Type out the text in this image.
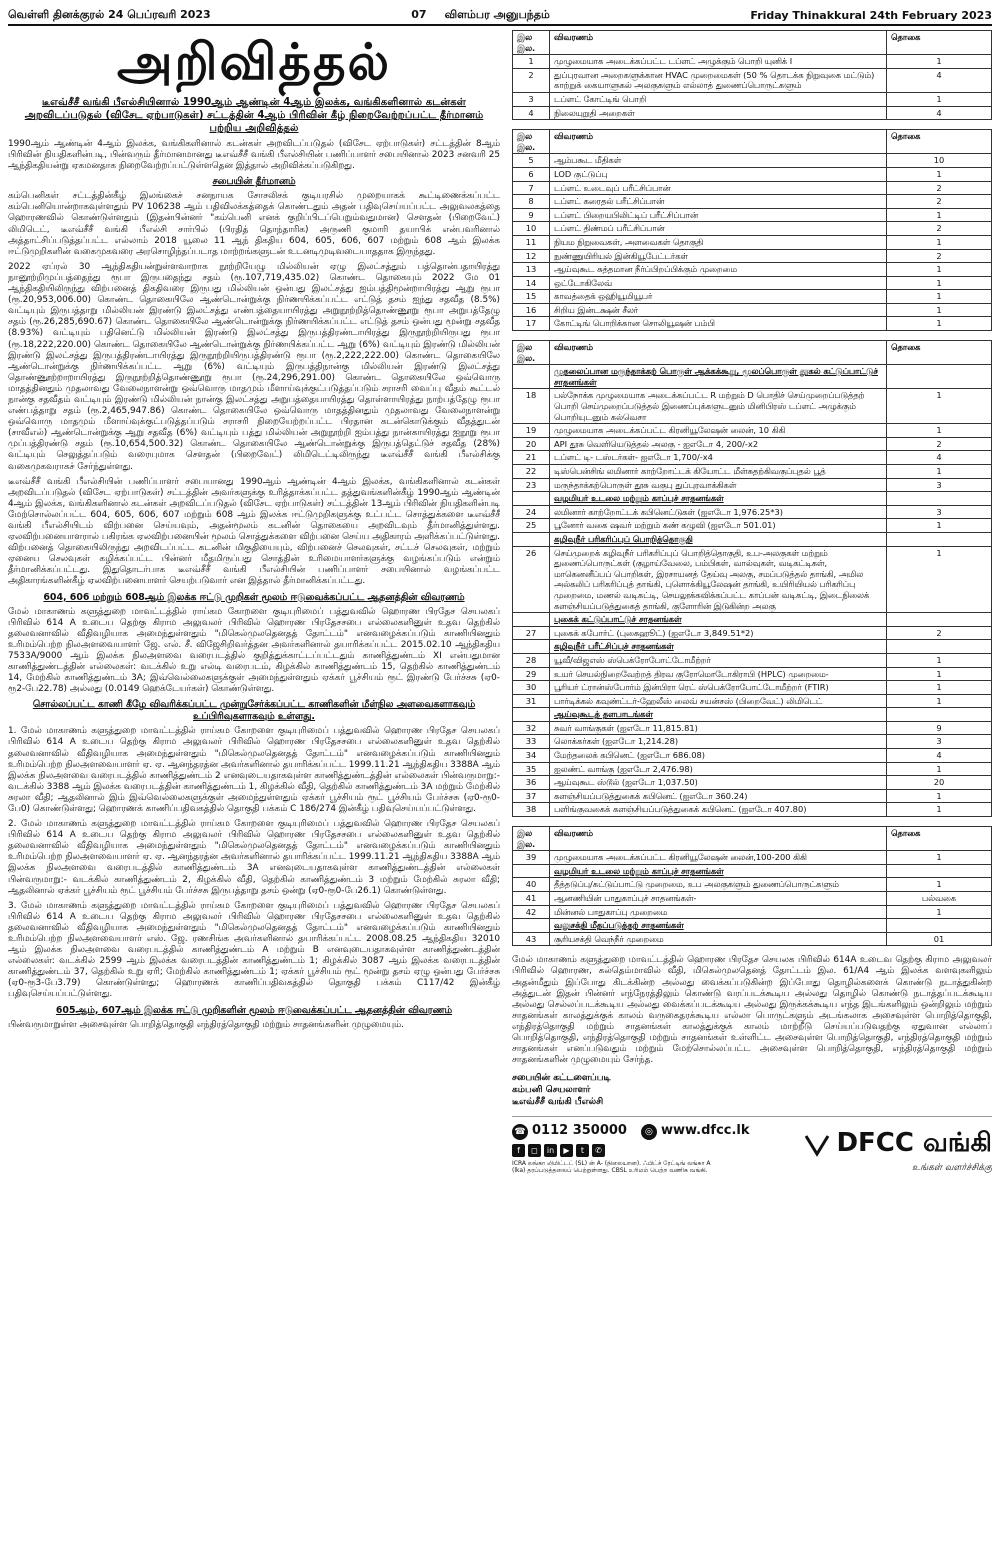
வெள்ளி தினக்குரல் 24 பெப்ரவரி 2023	07 விளம்பர அனுபந்தம்	Friday Thinakkural 24th February 2023
அறிவித்தல்
டீஎவ்சீசீ வங்கி பீஎல்சியினால் 1990ஆம் ஆண்டின் 4ஆம் இலக்க, வங்கிகளினால் கடன்கள் அறவிடப்படுதல் (விசேட ஏற்பாடுகள்) சட்டத்தின் 4ஆம் பிரிவின் கீழ் நிறைவேற்றப்பட்ட தீர்மானம் பற்றிய அறிவித்தல்

1990ஆம் ஆண்டின் 4ஆம் இலக்க, வங்கிகளினால் கடன்கள் அறவிடப்படுதல் (விசேட ஏற்பாடுகள்) சட்டத்தின் 8ஆம் பிரிவின் நியதிகளின்படி, பின்வரும் தீர்மானமானது டீஎவ்சீசீ வங்கி பீஎல்சியின் பணிப்பாளர் சபையினால் 2023 சனவரி 25 ஆந்திகதியன்று ஏகமனதாக நிறைவேற்றப்பட்டுள்ளதென இத்தால் அறிவிக்கப்படுகிறது.

சபையின் தீர்மானம்

கம்பெனிகள் சட்டத்தின்கீழ் இலங்கைச் சனநாயக சோசலிசக் குடியரசில் முறையாகக் கூட்டிணைக்கப்பட்ட கம்பெனியொன்றாகவுள்ளதும் PV 106238 ஆம் பதிவிலக்கத்தைக் கொண்டதும் அதன் பதிவுசெய்யப்பட்ட அலுவலகத்தை ஹொரணவில் கொண்டுள்ளதும் (இதன்பின்னர் "கம்பெனி எனக் குறிப்பிடப்பெறும்வதுமான) சௌதன் (பிறைவேட்) லிமிடெட், டீஎவ்சீசீ வங்கி பீஎல்சி சார்பில் (பிரதித் தொந்தாரிக) அருணி குமாரி தயாபிக் என்பவரினால் அத்தாட்சிப்படுத்தப்பட்ட எல்லாம் 2018 யூலை 11 ஆந் திகதிய 604, 605, 606, 607 மற்றும் 608 ஆம் இலக்க ஈட்டுமுறிகளின் வகைமுகவரை அரசொழிந்தப்படாத மாற்றங்களுடன் உடனடிமுடிவடையாததாக இருந்தது.

2022 ஏப்ரல் 30 ஆந்திகதியன்றுள்ளவாறாக நூற்றியேழு மில்லியன் ஏழு இலட்சத்தும் பத்தொன்பதாயிரத்து நானூற்றிமுப்பத்தைந்து ரூபா இருபதைந்து சதம் (ரூ.107,719,435.02) கொண்ட தொகையும் 2022 மே 01 ஆந்திகதியிலிருந்து விற்பனைத் திகதிவரை இருபது மில்லியன் ஒன்பது இலட்சத்து ஐம்பத்திமூன்றாயிரத்து ஆறு ரூபா (ரூ.20,953,006.00) கொண்ட தொகையிலே ஆண்டொன்றுக்கு நிர்ணயிக்கப்பட்ட எட்டுத் தசம் ஐந்து சதவீத (8.5%) வட்டியும் இருபத்தாறு மில்லியன் இரண்டு இலட்சத்து எண்பத்தையாயிரத்து அறுநூற்றித்தொண்ணூறு ரூபா அறுபத்தேழு சதம் (ரூ.26,285,690.67) கொண்ட தொகையிலே ஆண்டொன்றுக்கு நிர்ணயிக்கப்பட்ட எட்டுத் தசம் ஒன்பது மூன்று சதவீத (8.93%) வட்டியும் பதினெட்டு மில்லியன் இரண்டு இலட்சத்து இருபத்திரண்டாயிரத்து இருநூற்றியிருபது ரூபா (ரூ.18,222,220.00) கொண்ட தொகையிலே ஆண்டொன்றுக்கு நிர்ணயிக்கப்பட்ட ஆறு (6%) வட்டியும் இரண்டு மில்லியன் இரண்டு இலட்சத்து இருபத்திரண்டாயிரத்து இருநூற்றியிருபத்திரண்டு ரூபா (ரூ.2,222,222.00) கொண்ட தொகையிலே ஆண்டொன்றுக்கு நிர்ணயிக்கப்பட்ட ஆறு (6%) வட்டியும் இருபத்திநான்கு மில்லியன் இரண்டு இலட்சத்து தொண்ணூற்றாறாயிரத்து இருநூற்றித்தொண்ணூறு ரூபா (ரூ.24,296,291.00) கொண்ட தொகையிலே ஒவ்வொரு மாதத்தினதும் முதலாவது வேலைநாளன்று ஒவ்வொரு மாதமும் மீளாய்வுக்குட்படுத்தப்படும் சராசரி வைப்பு வீதம் கூட்டல் நான்கு சதவீதம் வட்டியும் இரண்டு மில்லியன் நான்கு இலட்சத்து அறுபத்தையாயிரத்து தொள்ளாயிரத்து நாற்பத்தேழு ரூபா எண்பத்தாறு சதம் (ரூ.2,465,947.86) கொண்ட தொகையிலே ஒவ்வொரு மாதத்தினதும் முதலாவது வேலைநாளன்று ஒவ்வொரு மாதமும் மீளாய்வுக்குட்படுத்தப்படும் சராசரி நிறையேற்றப்பட்ட பிரதான கடன்கொடுக்கும் வீதத்துடன் (சாவீஎல்) ஆண்டொன்றுக்கு ஆறு சதவீத (6%) வட்டியும் பத்து மில்லியன் அறுநூற்றி ஐம்பத்து நான்காயிரத்து ஐநூறு ரூபா முப்பத்திரண்டு சதம் (ரூ.10,654,500.32) கொண்ட தொகையிலே ஆண்டொன்றுக்கு இருபத்தெட்டுச் சதவீத (28%) வட்டியும் செலுத்தப்படும் வரையுமாக சௌதன் (பிறைவேட்) லிமிடெட்டிலிருந்து டீஎவ்சீசீ வங்கி பீஎல்சிக்கு வகைமுகவராகச் சேர்ந்துள்ளது.

டீஎவ்சீசீ வங்கி பீஎல்சியின் பணிப்பாளர் சபையானது 1990ஆம் ஆண்டின் 4ஆம் இலக்க, வங்கிகளினால் கடன்கள் அறவிடப்படுதல் (விசேட ஏற்பாடுகள்) சட்டத்தின் அவர்களுக்கு உரித்தாக்கப்பட்ட தத்துவங்களின்கீழ் 1990ஆம் ஆண்டின் 4ஆம் இலக்க, வங்கிகளினால் கடன்கள் அறவிடப்படுதல் (விசேட ஏற்பாடுகள்) சட்டத்தின் 13ஆம் பிரிவின் நியதிகளின்படி மேற்சொல்லப்பட்ட 604, 605, 606, 607 மற்றும் 608 ஆம் இலக்க ஈட்டுமுறிகளுக்கு உட்பட்ட சொத்துக்களை டீஎவ்சீசீ வங்கி பீஎல்சியிடம் விற்பனை செய்யவும், அதன்மூலம் கடனின் தொகையை அறவிடவும் தீர்மானித்துள்ளது. ஏலவிற்பனையாளரால் பகிரங்க ஏலவிற்பனையின் மூலம் சொத்துக்களை விற்பனை செய்ய அதிகாரம் அளிக்கப்பட்டுள்ளது. விற்பனைத் தொகையிலிருந்து அறவிடப்பட்ட கடனின் மிகுதியையும், விற்பனைச் செலவுகள், சட்டச் செலவுகள், மற்றும் ஏனைய செலவுகள் கழிக்கப்பட்ட பின்னர் மீதமிருப்பது சொத்தின் உரிமையாளர்களுக்கு வழங்கப்படும் என்றும் தீர்மானிக்கப்பட்டது. இதுதொடர்பாக டீஎவ்சீசீ வங்கி பீஎல்சியின் பணிப்பாளர் சபையினால் வழங்கப்பட்ட அதிகாரங்களின்கீழ் ஏலவிற்பனையாளர் செயற்படுவார் என இத்தால் தீர்மானிக்கப்பட்டது.

604, 606 மற்றும் 608ஆம் இலக்க ஈட்டு முறிகள் மூலம் ஈடுவைக்கப்பட்ட ஆதனத்தின் விவரணம்

மேல் மாகாணம் களுத்துறை மாவட்டத்தில் ராய்கம கோறளை குடியுரிமைப் பத்துவவில் ஹொரண பிரதேச செயலகப் பிரிவில் 614 A உடைய தெற்கு கிராம அலுவலர் பிரிவில் ஹொரண பிரதேசசபை எல்லைகளினுள் உதவ தெற்கில் தலைவனாவில் வீதிவழியாக அமைந்துள்ளதும் "மிகெல்முலதெனதத் தோட்டம்" எனவழைக்கப்படும் காணியினதும் உரிமம்பெற்ற நிலஅளவையாளர் ஜே. எல். சீ. விஜேசிறிவர்த்தன அவர்களினால் தயாரிக்கப்பட்ட 2015.02.10 ஆந்திகதிய 7533A/9000 ஆம் இலக்க நிலஅளவை வரைபடத்தில் குறித்துக்காட்டப்பட்டதும் காணித்துண்டம் XI என்பதுமான காணித்துண்டத்தின் எல்லைகள்: வடக்கில் உறு எல்டி வரைபடம், கிழக்கில் காணித்துண்டம் 15, தெற்கில் காணித்துண்டம் 14, மேற்கில் காணித்துண்டம் 3A; இவ்வெல்லைகளுக்குள் அமைந்துள்ளதும் ஏக்கர் பூச்சியம் ரூட் இரண்டு பேர்ச்சசு (ஏ0-ரூ2-பே22.78) அல்லது (0.0149 ஹெக்டேயர்கள்) கொண்டுள்ளது.

சொல்லப்பட்ட காணி கீழே விவரிக்கப்பட்ட முன்றுசேர்க்கப்பட்ட காணிகளின் மீள்நில அளவைகளாகவும் உப்பிரிவுகளாகவும் உள்ளது.

1. மேல் மாகாணம் களுத்துறை மாவட்டத்தில் ராய்கம கோறளை குடியுரிமைப் பத்துவவில் ஹொரண பிரதேச செயலகப் பிரிவில் 614 A உடைய தெற்கு கிராம அலுவலர் பிரிவில் ஹொரண பிரதேசசபை எல்லைகளினுள் உதவ தெற்கில் தலைவனாவில் வீதிவழியாக அமைந்துள்ளதும் "மிகெல்முலதெனதத் தோட்டம்" எனவழைக்கப்படும் காணியினதும் உரிமம்பெற்ற நிலஅளவையாளர் ஏ. ஏ. ஆனந்தரத்ன அவர்களினால் தயாரிக்கப்பட்ட 1999.11.21 ஆந்திகதிய 3388A ஆம் இலக்க நிலஅளவை வரைபடத்தில் காணித்துண்டம் 2 எனவுடையதாகவுள்ள காணித்துண்டத்தின் எல்லைகள் பின்வருமாறு:- வடக்கில் 3388 ஆம் இலக்க வரைபடத்தின் காணித்துண்டம் 1, கிழக்கில் வீதி, தெற்கில் காணித்துண்டம் 3A மற்றும் மேற்கில் சுரலா வீதி; ஆதலினால் இம் இவ்வெல்லைகளுக்குள் அமைந்துள்ளதும் ஏக்கர் பூச்சியம் ரூட் பூச்சியம் பேர்ச்சசு (ஏ0-ரூ0-பே0) கொண்டுள்ளது; ஹொரணக் காணிப்பதிவகத்தில் தொகுதி பக்கம் C 186/274 இன்கீழ் பதிவுசெய்யப்பட்டுள்ளது.

2. மேல் மாகாணம் களுத்துறை மாவட்டத்தில் ராய்கம கோறளை குடியுரிமைப் பத்துவவில் ஹொரண பிரதேச செயலகப் பிரிவில் 614 A உடைய தெற்கு கிராம அலுவலர் பிரிவில் ஹொரண பிரதேசசபை எல்லைகளினுள் உதவ தெற்கில் தலைவனாவில் வீதிவழியாக அமைந்துள்ளதும் "மிகெல்முலதெனதத் தோட்டம்" எனவழைக்கப்படும் காணியினதும் உரிமம்பெற்ற நிலஅளவையாளர் ஏ. ஏ. ஆனந்தரத்ன அவர்களினால் தயாரிக்கப்பட்ட 1999.11.21 ஆந்திகதிய 3388A ஆம் இலக்க நிலஅளவை வரைபடத்தில் காணித்துண்டம் 3A எனவுடையதாகவுள்ள காணித்துண்டத்தின் எல்லைகள் பின்வருமாறு:- வடக்கில் காணித்துண்டம் 2, கிழக்கில் வீதி, தெற்கில் காணித்துண்டம் 3 மற்றும் மேற்கில் சுரலா வீதி; ஆதலினால் ஏக்கர் பூச்சியம் ரூட் பூச்சியம் பேர்ச்சசு இருபத்தாறு தசம் ஒன்று (ஏ0-ரூ0-பே26.1) கொண்டுள்ளது.

3. மேல் மாகாணம் களுத்துறை மாவட்டத்தில் ராய்கம கோறளை குடியுரிமைப் பத்துவவில் ஹொரண பிரதேச செயலகப் பிரிவில் 614 A உடைய தெற்கு கிராம அலுவலர் பிரிவில் ஹொரண பிரதேசசபை எல்லைகளினுள் உதவ தெற்கில் தலைவனாவில் வீதிவழியாக அமைந்துள்ளதும் "மிகெல்முலதெனதத் தோட்டம்" எனவழைக்கப்படும் காணியினதும் உரிமம்பெற்ற நிலஅளவையாளர் எஸ். ஜே. ரணசிங்க அவர்களினால் தயாரிக்கப்பட்ட 2008.08.25 ஆந்திகதிய 32010 ஆம் இலக்க நிலஅளவை வரைபடத்தில் காணித்துண்டம் A மற்றும் B எனவுடையதாகவுள்ள காணித்துண்டத்தின் எல்லைகள்: வடக்கில் 2599 ஆம் இலக்க வரைபடத்தின் காணித்துண்டம் 1; கிழக்கில் 3087 ஆம் இலக்க வரைபடத்தின் காணித்துண்டம் 37, தெற்கில் உறு ஏரி; மேற்கில் காணித்துண்டம் 1; ஏக்கர் பூச்சியம் ரூட் மூன்று தசம் ஏழு ஒன்பது பேர்ச்சசு (ஏ0-ரூ3-பே3.79) கொண்டுள்ளது; ஹொரணக் காணிப்பதிவகத்தில் தொகுதி பக்கம் C117/42 இன்கீழ் பதிவுசெய்யப்பட்டுள்ளது.

605ஆம், 607ஆம் இலக்க ஈட்டு முறிகளின் மூலம் ஈடுவைக்கப்பட்ட ஆதனத்தின் விவரணம்

பின்வருமாறுள்ள அசைவுள்ள பொறித்தொகுதி எந்திரத்தொகுதி மற்றும் சாதனங்களின் முழுமையும்.

இல இல.	விவரணம்	தொகை
1	முழுமையாக அடைக்கப்பட்ட டப்ளட் அழுக்கும் பொறி யுனிக் I	1
2	துப்புரவான அறைகளுக்கான HVAC முறைமைகள் (50 % தொடக்க நிறுவுகை மட்டும்) காற்றுக் கையாளுகல் அலகுகளும் எல்லாத் துணைப்பொருட்களும்	4
3	டப்ளட் கோட்டிங் பொறி	1
4	நிலையுறுதி அறைகள்	4
இல இல.	விவரணம்	தொகை
5	ஆம்பகூட மீதிகள்	10
6	LOD குட்டுப்பு	1
7	டப்ளட் உடைவுப் பரீட்சிப்பான்	2
8	டப்ளட் கரைதல் பரீட்சிப்பான்	2
9	டப்ளட் பிறையபிலிட்டிப் பரீட்சிப்பான்	1
10	டப்ளட் திண்மப் பரீட்சிப்பான்	2
11	நியம நிறுவைகள், அளவைகள் தொகுதி	1
12	நுண்ணுயிரியல் இன்கியூபேட்டர்கள்	2
13	ஆய்வுகூட சுத்தமான நீர்ப்பிறப்பிக்கும் முறைமை	1
14	ஒட்டோகிலேவ்	1
15	காவத்தைக் ஒஹியூமியூபர்	1
16	சிறிய இன்டக்ஷன் சீலர்	1
17	கோட்டிங் பொறிக்கான சொலியூஷன் பம்பி	1
இல இல.	விவரணம்	தொகை
	முதலைப்பான மருந்தாக்கற் பொருள் ஆக்கக்கூறு, மூலப்பொருள் தூகல் கட்டுப்பாட்டுச் சாதனங்கள்	
18	பல்நோக்க முழுமையாக அடைக்கப்பட்ட R மற்றும் D பொதிச் செய்முறைப்படுத்தற் பொறி செய்முறைப்படுத்தல் இணைப்புக்களுடனும் மினிபிரஸ் டப்ளட் அழுக்கும் பொறியுடனும் கல்வெசா	1
19	முழுமையாக அடைக்கப்பட்ட கிரனியூலேஷன் லைன், 10 கிகி	1
20	API தூசு வெளியெடுத்தல் அலகு - ஐஎடோ 4, 200/-x2	2
21	டப்ளட் டி- டஸ்டர்கள்- ஐஎடோ 1,700/-x4	4
22	டிஸ்பென்சிங் லமினார் காற்றோட்டக் கியோட்ட மீள்சுதற்கிவகுப்புதல் பூத்	1
23	மருந்தாக்கற்பொருள் தூசு வகுபு துப்புரவாக்கிகள்	3
	வழமியர் உடலை மற்றும் காப்புச் சாதனங்கள்	
24	லமினார் காற்றோட்டக் கபினெட்டுகள் (ஐஎடோ 1,976.25*3)	3
25	பூனோர் வகை ஷவர் மற்றும் கண் கழுவி (ஐஎடோ 501.01)	1
	கழிவுநீர் பரிகரிப்புப் பொறித்தொகுதி	
26	செய்முறைக் கழிவுநீர் பரிகரிப்புப் பொறித்தொகுதி, உப-அலகுகள் மற்றும் துணைப்பொருட்கள் (குழாய்வேலை, பம்பிகள், வால்வுகள், வடிகட்டிகள், மாகெனனீப்பப் பொறிகள், இரசாயனத் தேய்வு அலகு, சமப்படுத்தல் தாங்கி, அமில அல்கலிப் பரிகரிப்புத் தாங்கி, புளொக்கியூலேஷன் தாங்கி, உயிரியியல் பரிகரிப்பு முறைமை, மணல் வடிகட்டி, செயலூக்கவிக்கப்பட்ட காப்பன் வடிகட்டி, இடைநிலைக் களஞ்சியப்படுத்துகைத் தாங்கி, குளோரின் இடுகின்ற அலகு	1
	புகைக் கட்டுப்பாட்டுச் சாதனங்கள்	
27	புகைக் கபோர்ட் (புகைஹூட்) (ஐஎடோ 3,849.51*2)	2
	கழிவுநீர் பரீட்சிப்புச் சாதனங்கள்	
28	யூவீ/விஜஎஸ் ஸ்பெக்ரோபோட்டோமீற்றர்	1
29	உயர் செயல்நிறைவேற்றத் திரவ குரோமொடோகிராபி (HPLC) முறைமை-	1
30	பூரியர் ட்ரான்ஸ்போர்ம் இன்பிரா ரெட் ஸ்பெக்ரோபோட்டோமீற்றர் (FTIR)	1
31	பார்டிக்கல் கவுண்ட்டர்-ஹேலீஸ் லைவ் சயன்சஸ் (பிறைவேட்) லிமிடெட்	1
	ஆய்வுகூடத் தளபாடங்கள்	
32	சுவர் வாங்குகள் (ஐஎடோ 11,815.81)	9
33	லொக்கர்கள் (ஐஎடோ 1,214.28)	3
34	மேற்தலைக் கபினெட் (ஐஎடோ 686.08)	4
35	ஐலண்ட் வாங்கு (ஐஎடோ 2,476.98)	1
36	ஆய்வுகூட ஸ்டூல் (ஐஎடோ 1,037.50)	20
37	களஞ்சியப்படுத்துகைக் கபினெட் (ஐஎடோ 360.24)	1
38	பளிங்குவகைக் களஞ்சியப்படுத்துகைக் கபினெட் (ஐஎடோ 407.80)	1
இல இல.	விவரணம்	தொகை
39	முழுமையாக அடைக்கப்பட்ட கிரனியூலேஷன் லைன்,100-200 கிகி	1
	வழமியர் உடலை மற்றும் காப்புச் சாதனங்கள்	
40	தீத்தடுப்பு/கட்டுப்பாட்டு முறைமை, உப அலகுகளும் துணைப்பொருட்களும்	1
41	ஆனணியின் பாதுகாப்புச் சாதனங்கள்-	பல்வகை
42	மின்னல் பாதுகாப்பு முறைமை	1
	வலுசக்தி மீதப்படுத்தற் சாதனங்கள்	
43	சூரியசக்தி வெந்நீர் முறைமை	01

மேல் மாகாணம் களுத்துறை மாவட்டத்தில் ஹொரண பிரதேச செயலக பிரிவில் 614A உடைவ தெற்கு கிராம அலுவலர் பிரிவில் ஹொரண, கல்தெம்மாவில் வீதி, மிகெல்முலதெனத் தோட்டம் இல. 61/A4 ஆம் இலக்க வளவுகளிலும் அதன்மீதும் இப்போது கிடக்கின்ற அல்லது வைக்கப்படுகின்ற இப்போது தொழில்களைக் கொண்டு நடாத்துகின்ற அத்துடன் இதன் பின்னர் எந்நேரத்திலும் கொண்டு வரப்படக்கூடிய அல்லது தொழில் கொண்டு நடாத்தப்படக்கூடிய அல்லது செல்லப்படக்கூடிய அல்லது வைக்கப்படக்கூடிய அல்லது இருக்கக்கூடிய எந்த இடங்களிலும் ஒன்றிலும் மற்றும் சாதனங்கள் காலத்துக்குக் காலம் வருகைதரக்கூடிய எல்லா பொருட்களும் அடங்கலாக அசைவுள்ள பொறித்தொகுதி, எந்திரத்தொகுதி மற்றும் சாதனங்கள் காலத்துக்குக் காலம் மாற்றீடு செய்யப்படுவதற்கு ஏதுவான எல்லாப் பொறித்தொகுதி, எந்திரத்தொகுதி மற்றும் சாதனங்கள் உள்ளிட்ட அசைவுள்ள பொறித்தொகுதி, எந்திரத்தொகுதி மற்றும் சாதனங்கள் எனப்படுவதும் மற்றும் மேற்சொல்லப்பட்ட அசைவுள்ள பொறித்தொகுதி, எந்திரத்தொகுதி மற்றும் சாதனங்களின் முழுமையும் சேர்ந்த.

சபையின் கட்டளைப்படி
கம்பனி செயலாளர்
டீஎவ்சீசீ வங்கி பீஎல்சி
☎ 0112 350000	◎ www.dfcc.lk
f	◻	in	▶	t	✆
ICRA லங்கா லிமிட்டட் (SL) ன் A- (நிலையான). ஃபிட்ச் ரேட்டிங் லங்கா A (lka) தரப்படுத்தலைப் பெற்றுள்ளது. CBSL உரிமம் பெற்ற வணிக வங்கி.
DFCC வங்கி
உங்கள் வளர்ச்சிக்கு
